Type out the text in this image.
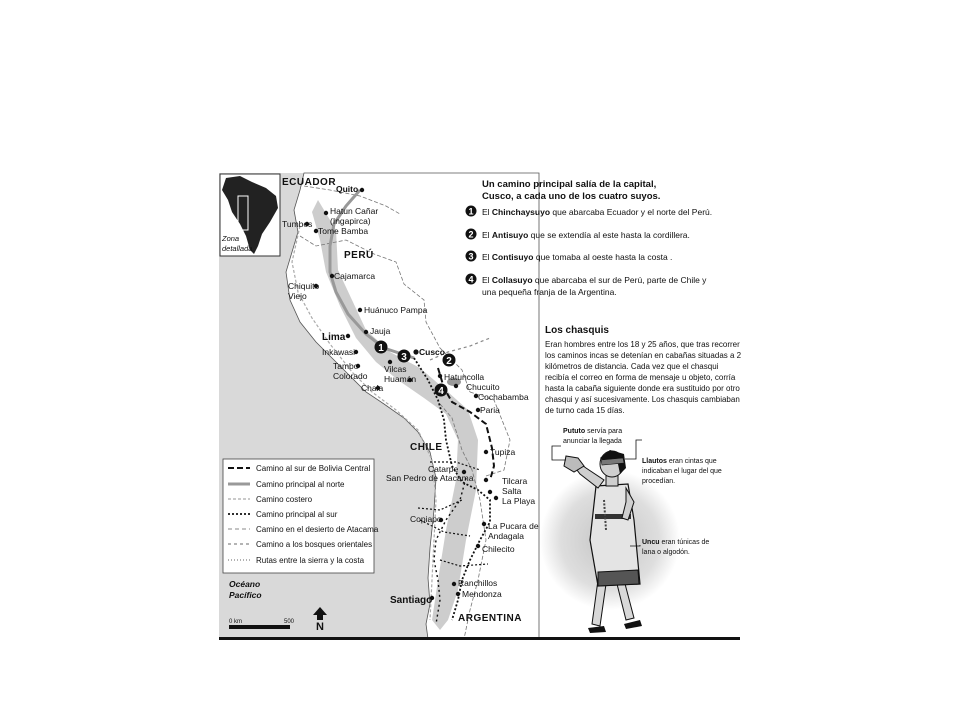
Zona
detallada
ECUADOR
PERÚ
CHILE
ARGENTINA
Quito
Tumbes
Hatun Cañar
(Ingapirca)
Tome Bamba
Cajamarca
Chiquito
Viejo
Huánuco Pampa
Lima
Jauja
Inkawasi
Tambo
Colorado
Vilcas
Huamán
Chala
Cusco
Hatuncolla
Chucuito
Cochabamba
Paria
Tupiza
Catarpe
San Pedro de Atacama	Tilcara
Salta
La Playa
Copiapo
La Pucara de
Andagala
Chilecito
Ranchillos
Mendonza
Santiago
1
2
3
4
Camino al sur de Bolivia Central
Camino principal al norte
Camino costero
Camino principal al sur
Camino en el desierto de Atacama
Camino a los bosques orientales
Rutas entre la sierra y la costa
Océano
Pacífico
0 km	500 N
Un camino principal salía de la capital,
Cusco, a cada uno de los cuatro suyos.
1 El Chinchaysuyo que abarcaba Ecuador y el norte del Perú.
2 El Antisuyo que se extendía al este hasta la cordillera.
3 El Contisuyo que tomaba al oeste hasta la costa .
4 El Collasuyo que abarcaba el sur de Perú, parte de Chile y
una pequeña franja de la Argentina.
Los chasquis
Eran hombres entre los 18 y 25 años, que tras recorrer
los caminos incas se detenían en cabañas situadas a 2
kilómetros de distancia. Cada vez que el chasqui
recibía el correo en forma de mensaje u objeto, corría
hasta la cabaña siguiente donde era sustituido por otro
chasqui y así sucesivamente. Los chasquis cambiaban
de turno cada 15 días.
Pututo servía para
anunciar la llegada
Llautos eran cintas que
indicaban el lugar del que
procedían.
Uncu eran túnicas de
lana o algodón.
